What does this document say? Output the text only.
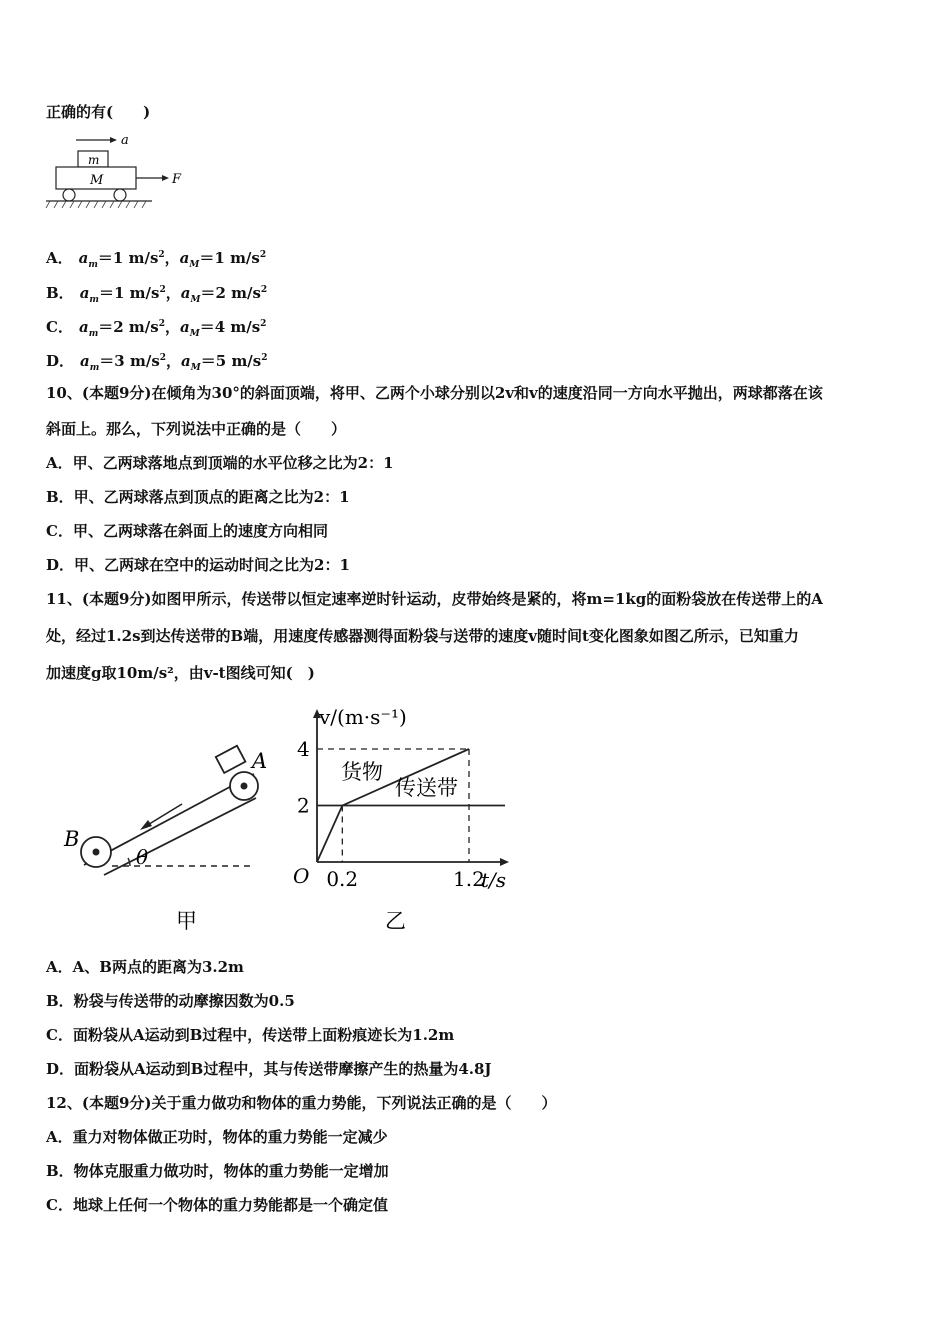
正确的有(　　)
a
m
M	F
A． $a_m=1$ $m/s^2$，$a_M=1$ $m/s^2$
B． $a_m=1$ $m/s^2$，$a_M=2$ $m/s^2$
C． $a_m=2$ $m/s^2$，$a_M=4$ $m/s^2$
D． $a_m=3$ $m/s^2$，$a_M=5$ $m/s^2$
10、(本题9分)在倾角为30°的斜面顶端，将甲、乙两个小球分别以2v和v的速度沿同一方向水平抛出，两球都落在该
斜面上。那么，下列说法中正确的是（　　）
A．甲、乙两球落地点到顶端的水平位移之比为2：1
B．甲、乙两球落点到顶点的距离之比为2：1
C．甲、乙两球落在斜面上的速度方向相同
D．甲、乙两球在空中的运动时间之比为2：1
11、(本题9分)如图甲所示，传送带以恒定速率逆时针运动，皮带始终是紧的，将m=1kg的面粉袋放在传送带上的A
处，经过1.2s到达传送带的B端，用速度传感器测得面粉袋与送带的速度v随时间t变化图象如图乙所示，已知重力
加速度g取10m/s²，由v-t图线可知(　)
A
B
θ
甲
2
4
0.2	1.2
v/(m·s⁻¹)
t/s
O
货物
传送带
乙
A．A、B两点的距离为3.2m
B．粉袋与传送带的动摩擦因数为0.5
C．面粉袋从A运动到B过程中，传送带上面粉痕迹长为1.2m
D．面粉袋从A运动到B过程中，其与传送带摩擦产生的热量为4.8J
12、(本题9分)关于重力做功和物体的重力势能，下列说法正确的是（　　）
A．重力对物体做正功时，物体的重力势能一定减少
B．物体克服重力做功时，物体的重力势能一定增加
C．地球上任何一个物体的重力势能都是一个确定值
